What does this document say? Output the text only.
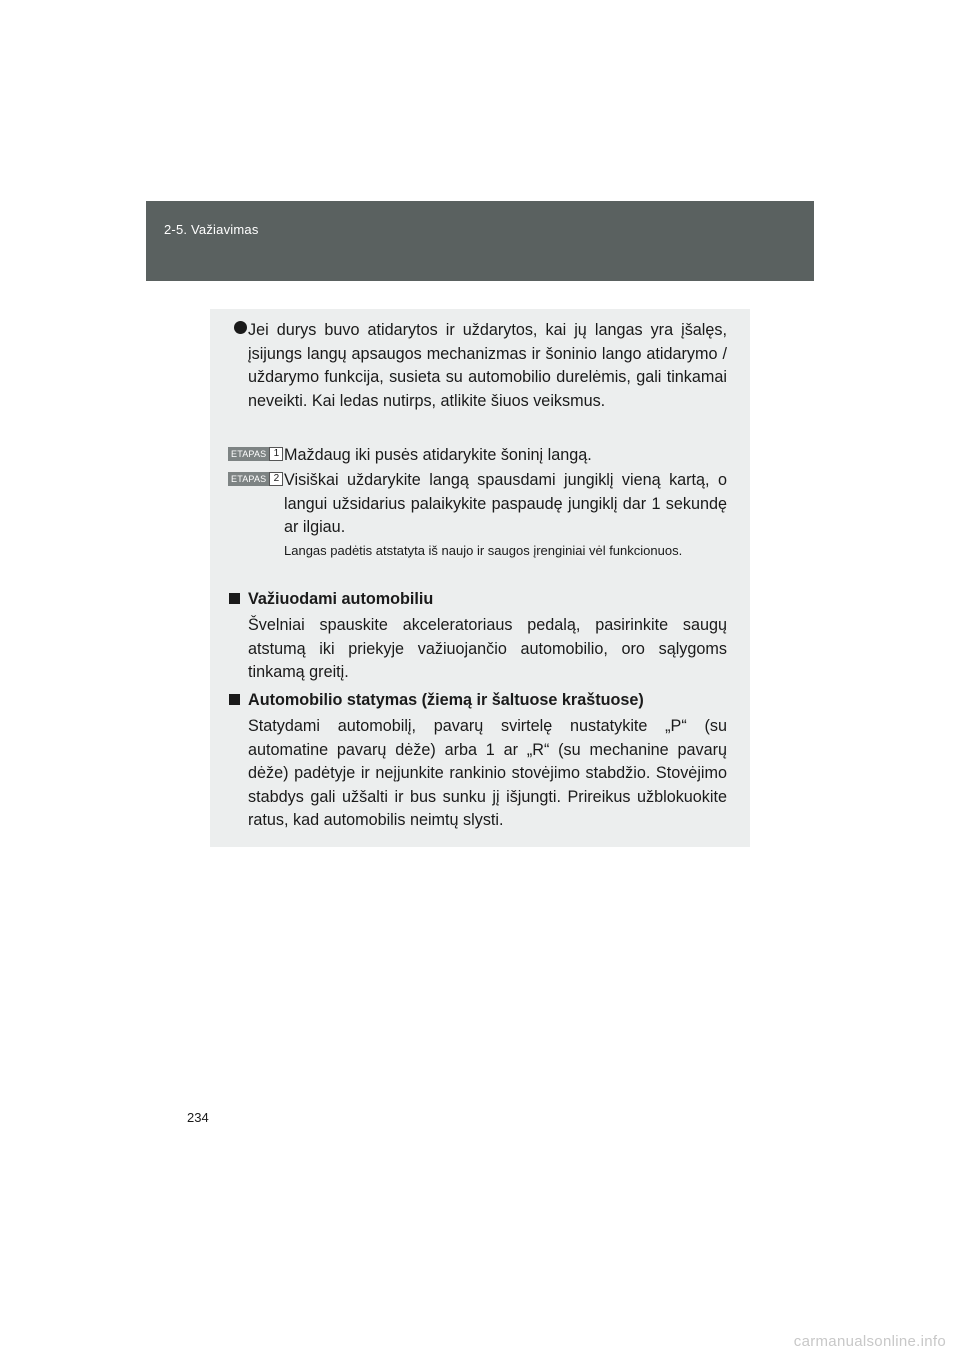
2-5. Važiavimas
Jei durys buvo atidarytos ir uždarytos, kai jų langas yra įšalęs, įsijungs langų apsaugos mechanizmas ir šoninio lango atidarymo / uždarymo funkcija, susieta su automobilio durelėmis, gali tinkamai neveikti. Kai ledas nutirps, atlikite šiuos veiksmus.
ETAPAS 1 Maždaug iki pusės atidarykite šoninį langą.
ETAPAS 2 Visiškai uždarykite langą spausdami jungiklį vieną kartą, o langui užsidarius palaikykite paspaudę jungiklį dar 1 sekundę ar ilgiau.
Langas padėtis atstatyta iš naujo ir saugos įrenginiai vėl funkcionuos.
Važiuodami automobiliu
Švelniai spauskite akceleratoriaus pedalą, pasirinkite saugų atstumą iki priekyje važiuojančio automobilio, oro sąlygoms tinkamą greitį.
Automobilio statymas (žiemą ir šaltuose kraštuose)
Statydami automobilį, pavarų svirtelę nustatykite „P“ (su automatine pavarų dėže) arba 1 ar „R“ (su mechanine pavarų dėže) padėtyje ir neįjunkite rankinio stovėjimo stabdžio. Stovėjimo stabdys gali užšalti ir bus sunku jį išjungti. Prireikus užblokuokite ratus, kad automobilis neimtų slysti.
234
carmanualsonline.info
